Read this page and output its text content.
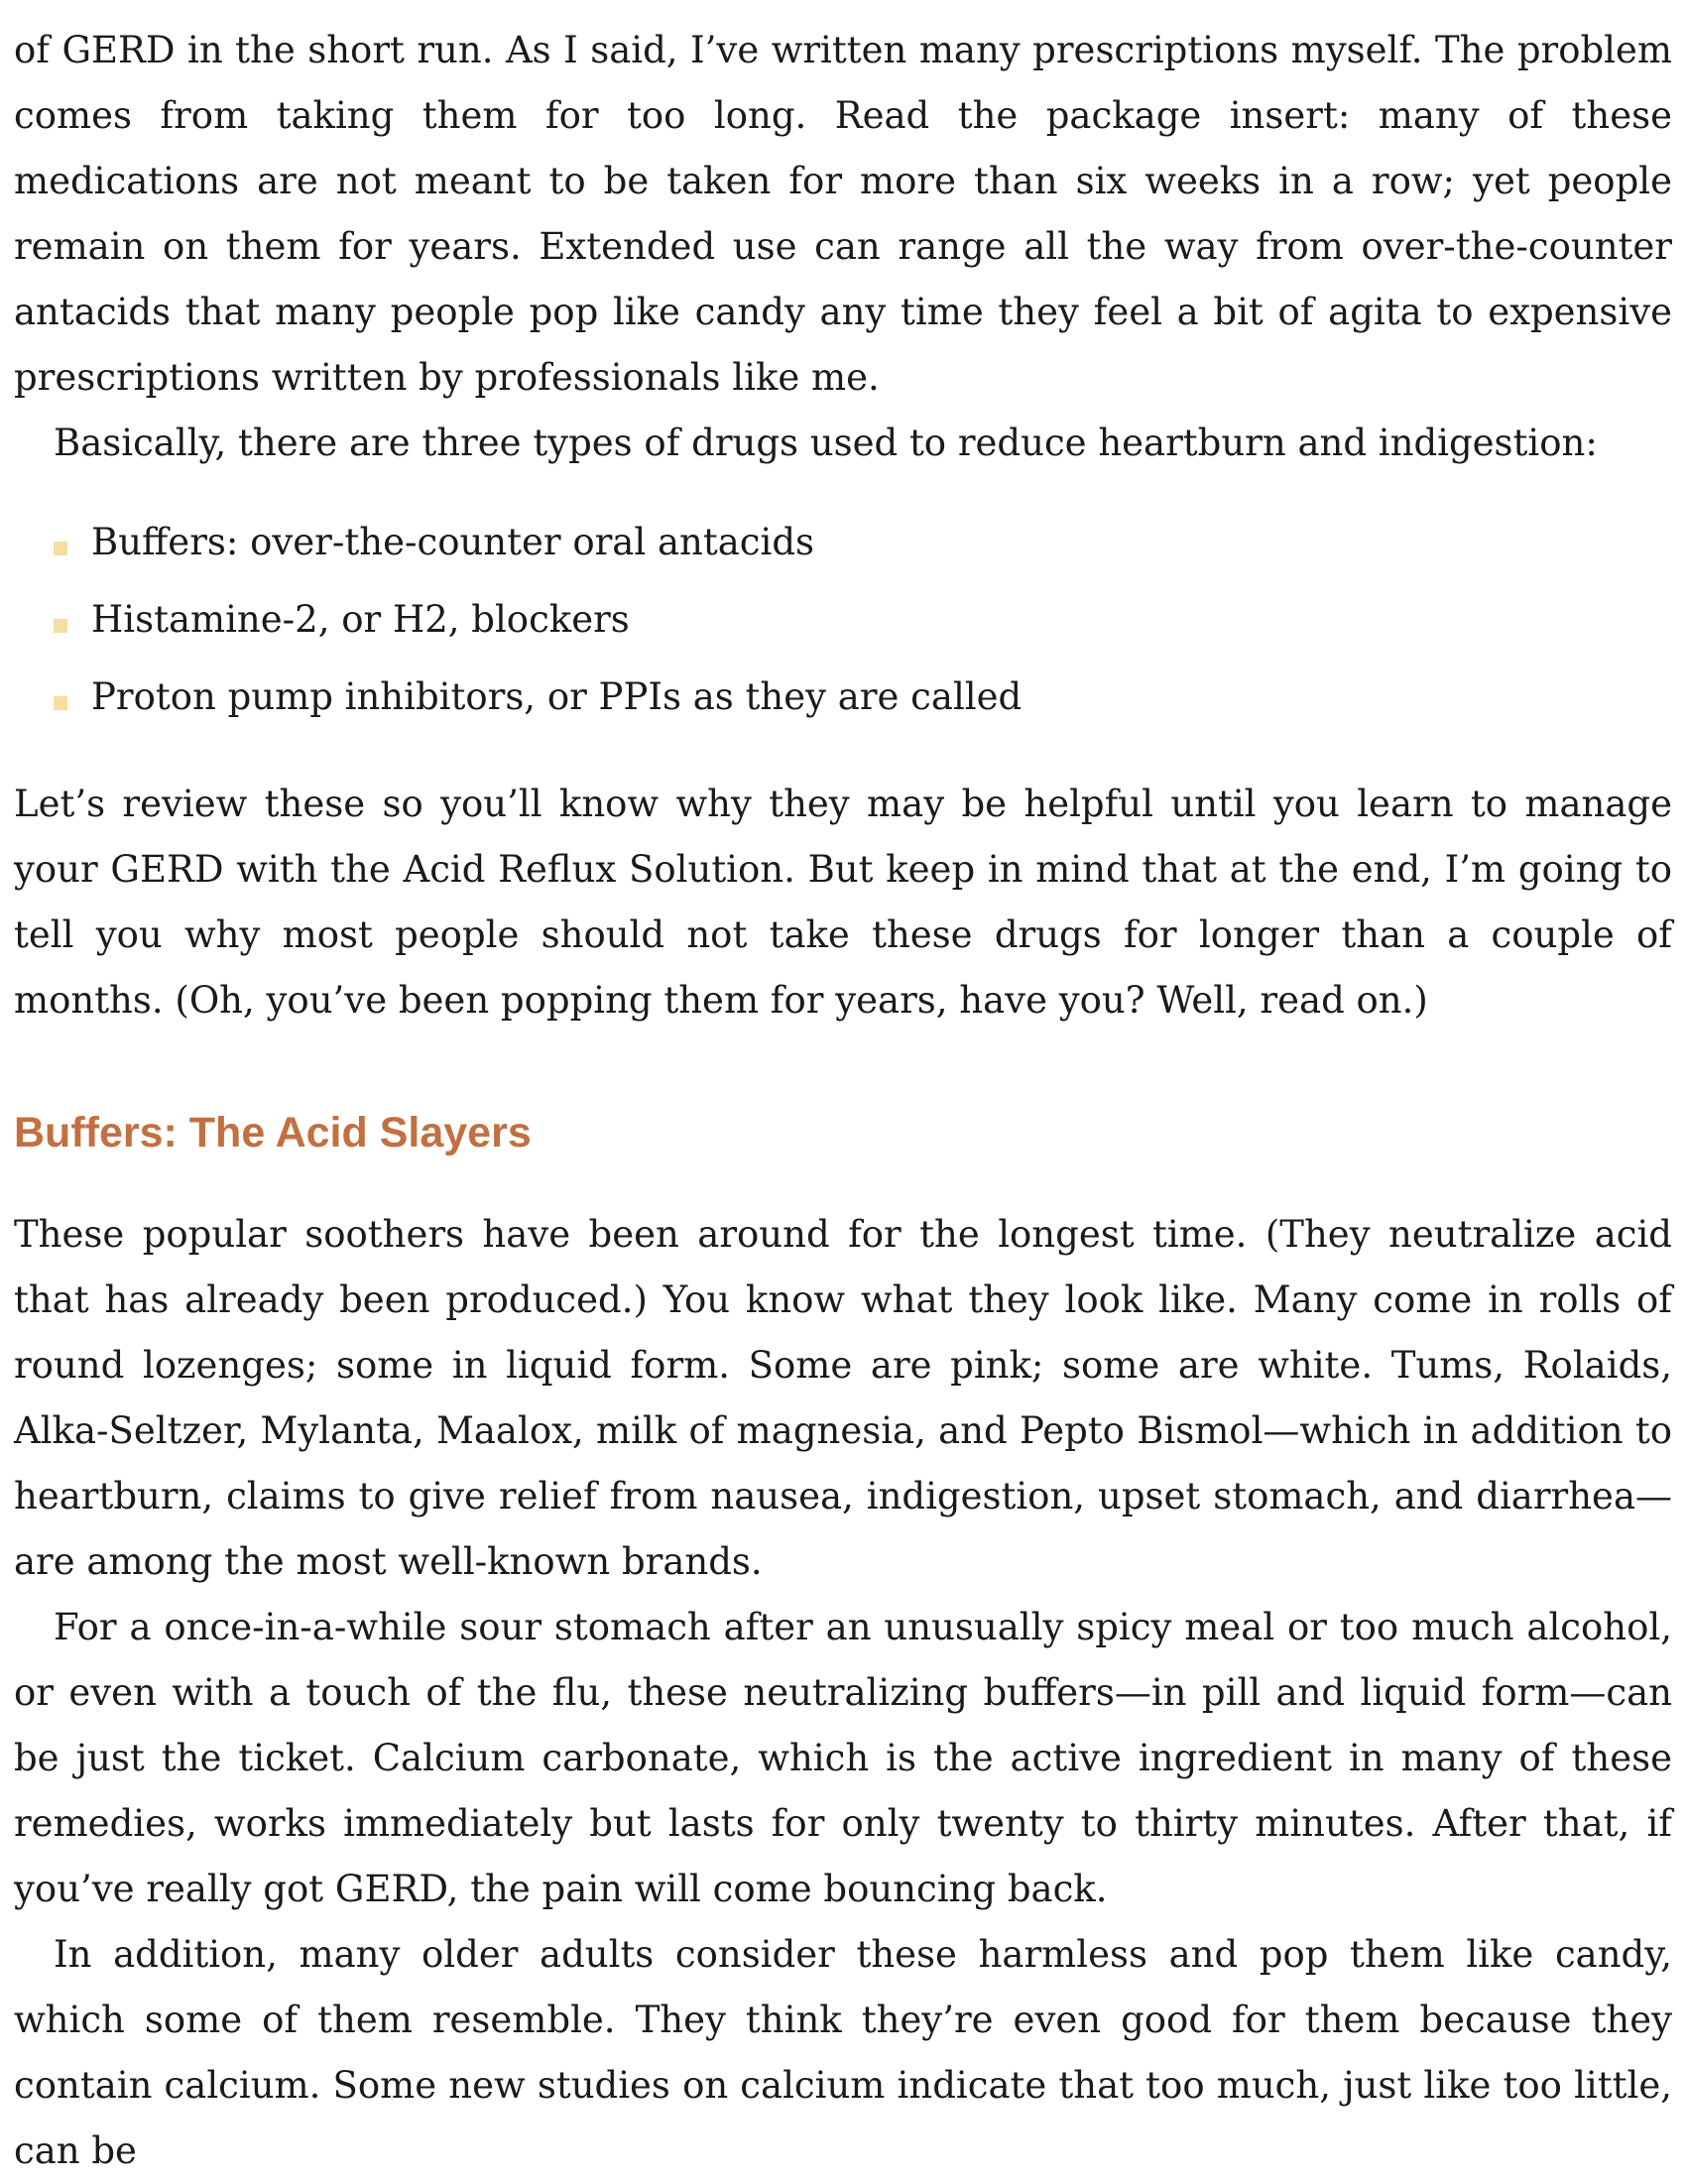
of GERD in the short run. As I said, I’ve written many prescriptions myself. The problem comes from taking them for too long. Read the package insert: many of these medications are not meant to be taken for more than six weeks in a row; yet people remain on them for years. Extended use can range all the way from over-the-counter antacids that many people pop like candy any time they feel a bit of agita to expensive prescriptions written by professionals like me.

Basically, there are three types of drugs used to reduce heartburn and indigestion:

Buffers: over-the-counter oral antacids
Histamine-2, or H2, blockers
Proton pump inhibitors, or PPIs as they are called

Let’s review these so you’ll know why they may be helpful until you learn to manage your GERD with the Acid Reflux Solution. But keep in mind that at the end, I’m going to tell you why most people should not take these drugs for longer than a couple of months. (Oh, you’ve been popping them for years, have you? Well, read on.)

Buffers: The Acid Slayers

These popular soothers have been around for the longest time. (They neutralize acid that has already been produced.) You know what they look like. Many come in rolls of round lozenges; some in liquid form. Some are pink; some are white. Tums, Rolaids, Alka-Seltzer, Mylanta, Maalox, milk of magnesia, and Pepto Bismol—which in addition to heartburn, claims to give relief from nausea, indigestion, upset stomach, and diarrhea—are among the most well-known brands.

For a once-in-a-while sour stomach after an unusually spicy meal or too much alcohol, or even with a touch of the flu, these neutralizing buffers—in pill and liquid form—can be just the ticket. Calcium carbonate, which is the active ingredient in many of these remedies, works immediately but lasts for only twenty to thirty minutes. After that, if you’ve really got GERD, the pain will come bouncing back.

In addition, many older adults consider these harmless and pop them like candy, which some of them resemble. They think they’re even good for them because they contain calcium. Some new studies on calcium indicate that too much, just like too little, can be
